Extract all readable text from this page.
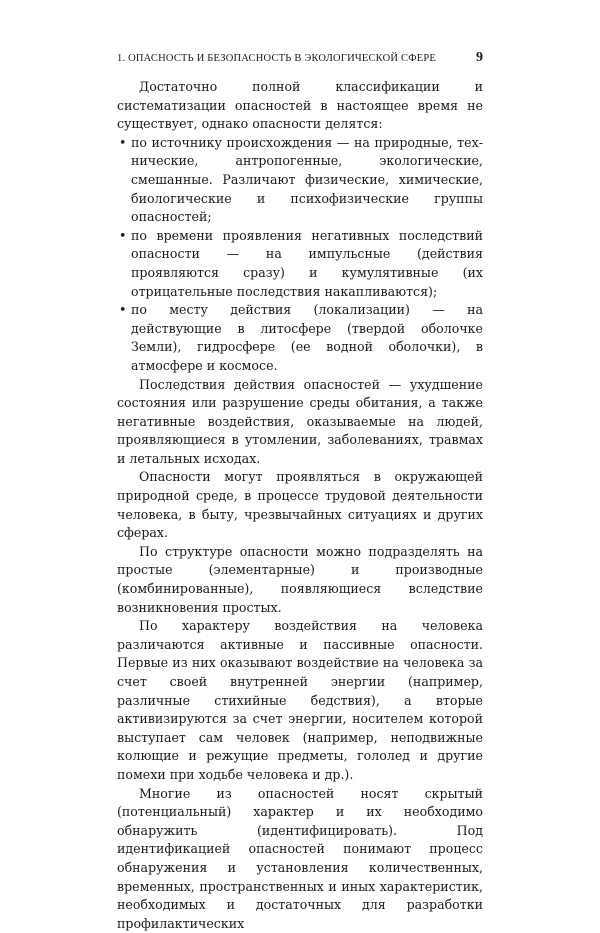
1. ОПАСНОСТЬ И БЕЗОПАСНОСТЬ В ЭКОЛОГИЧЕСКОЙ СФЕРЕ	9

Достаточно полной классификации и систематизации опасностей в настоящее время не существует, однако опасности делятся:

• по источнику происхождения — на природные, технические, антропогенные, экологические, смешанные. Различают физические, химические, биологические и психофизические группы опасностей;
• по времени проявления негативных последствий опасности — на импульсные (действия проявляются сразу) и кумулятивные (их отрицательные последствия накапливаются);
• по месту действия (локализации) — на действующие в литосфере (твердой оболочке Земли), гидросфере (ее водной оболочки), в атмосфере и космосе.

Последствия действия опасностей — ухудшение состояния или разрушение среды обитания, а также негативные воздействия, оказываемые на людей, проявляющиеся в утомлении, заболеваниях, травмах и летальных исходах.

Опасности могут проявляться в окружающей природной среде, в процессе трудовой деятельности человека, в быту, чрезвычайных ситуациях и других сферах.

По структуре опасности можно подразделять на простые (элементарные) и производные (комбинированные), появляющиеся вследствие возникновения простых.

По характеру воздействия на человека различаются активные и пассивные опасности. Первые из них оказывают воздействие на человека за счет своей внутренней энергии (например, различные стихийные бедствия), а вторые активизируются за счет энергии, носителем которой выступает сам человек (например, неподвижные колющие и режущие предметы, гололед и другие помехи при ходьбе человека и др.).

Многие из опасностей носят скрытый (потенциальный) характер и их необходимо обнаружить (идентифицировать). Под идентификацией опасностей понимают процесс обнаружения и установления количественных, временных, пространственных и иных характеристик, необходимых и достаточных для разработки профилактических
